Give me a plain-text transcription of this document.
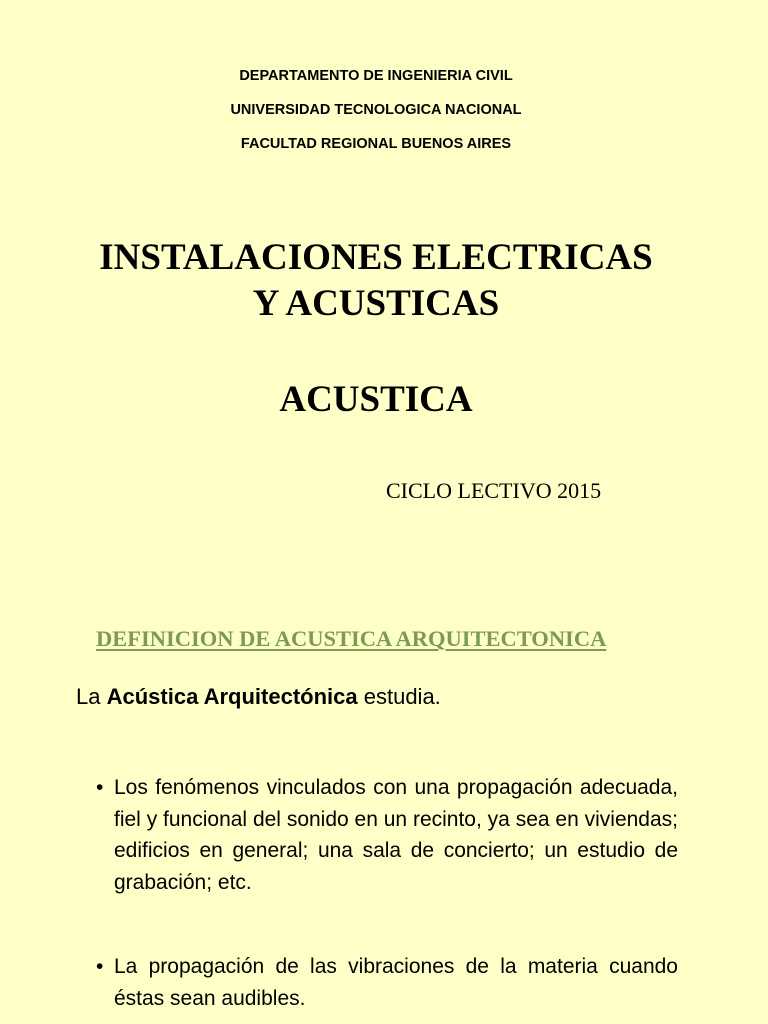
DEPARTAMENTO DE INGENIERIA CIVIL
UNIVERSIDAD TECNOLOGICA NACIONAL
FACULTAD REGIONAL BUENOS AIRES
INSTALACIONES ELECTRICAS
Y ACUSTICAS
ACUSTICA
CICLO LECTIVO 2015
DEFINICION DE ACUSTICA ARQUITECTONICA
La Acústica Arquitectónica estudia.
• Los fenómenos vinculados con una propagación adecuada, fiel y funcional del sonido en un recinto, ya sea en viviendas; edificios en general; una sala de concierto; un estudio de grabación; etc.
• La propagación de las vibraciones de la materia cuando éstas sean audibles.
